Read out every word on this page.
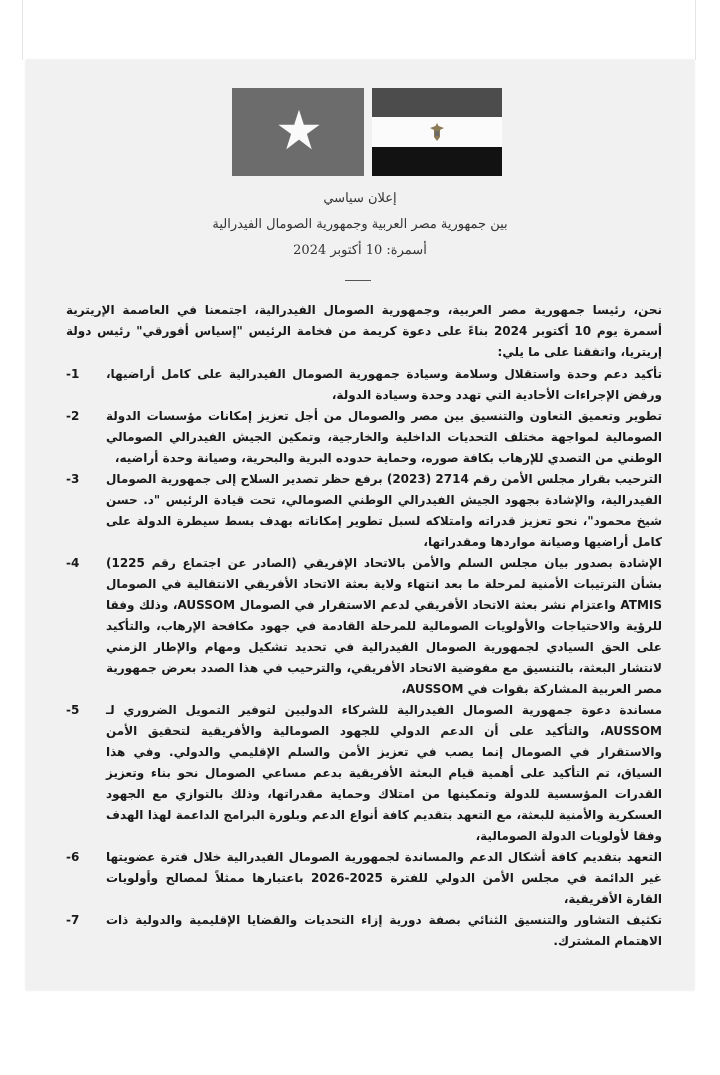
إعلان سياسي
بين جمهورية مصر العربية وجمهورية الصومال الفيدرالية
أسمرة: 10 أكتوبر 2024

نحن، رئيسا جمهورية مصر العربية، وجمهورية الصومال الفيدرالية، اجتمعنا في العاصمة الإريترية أسمرة يوم 10 أكتوبر 2024 بناءً على دعوة كريمة من فخامة الرئيس "إسياس أفورقي" رئيس دولة إريتريا، واتفقنا على ما يلي:

-1	تأكيد دعم وحدة واستقلال وسلامة وسيادة جمهورية الصومال الفيدرالية على كامل أراضيها، ورفض الإجراءات الأحادية التي تهدد وحدة وسيادة الدولة،
-2	تطوير وتعميق التعاون والتنسيق بين مصر والصومال من أجل تعزيز إمكانات مؤسسات الدولة الصومالية لمواجهة مختلف التحديات الداخلية والخارجية، وتمكين الجيش الفيدرالي الصومالي الوطني من التصدي للإرهاب بكافة صوره، وحماية حدوده البرية والبحرية، وصيانة وحدة أراضيه،
-3	الترحيب بقرار مجلس الأمن رقم 2714 (2023) برفع حظر تصدير السلاح إلى جمهورية الصومال الفيدرالية، والإشادة بجهود الجيش الفيدرالي الوطني الصومالي، تحت قيادة الرئيس "د. حسن شيخ محمود"، نحو تعزيز قدراته وامتلاكه لسبل تطوير إمكاناته بهدف بسط سيطرة الدولة على كامل أراضيها وصيانة مواردها ومقدراتها،
-4	الإشادة بصدور بيان مجلس السلم والأمن بالاتحاد الإفريقي (الصادر عن اجتماع رقم 1225) بشأن الترتيبات الأمنية لمرحلة ما بعد انتهاء ولاية بعثة الاتحاد الأفريقي الانتقالية في الصومال ATMIS واعتزام نشر بعثة الاتحاد الأفريقي لدعم الاستقرار في الصومال AUSSOM، وذلك وفقا للرؤية والاحتياجات والأولويات الصومالية للمرحلة القادمة في جهود مكافحة الإرهاب، والتأكيد على الحق السيادي لجمهورية الصومال الفيدرالية في تحديد تشكيل ومهام والإطار الزمني لانتشار البعثة، بالتنسيق مع مفوضية الاتحاد الأفريقي، والترحيب في هذا الصدد بعرض جمهورية مصر العربية المشاركة بقوات في AUSSOM،
-5	مساندة دعوة جمهورية الصومال الفيدرالية للشركاء الدوليين لتوفير التمويل الضروري لـ AUSSOM، والتأكيد على أن الدعم الدولي للجهود الصومالية والأفريقية لتحقيق الأمن والاستقرار في الصومال إنما يصب في تعزيز الأمن والسلم الإقليمي والدولي. وفي هذا السياق، تم التأكيد على أهمية قيام البعثة الأفريقية بدعم مساعي الصومال نحو بناء وتعزيز القدرات المؤسسية للدولة وتمكينها من امتلاك وحماية مقدراتها، وذلك بالتوازي مع الجهود العسكرية والأمنية للبعثة، مع التعهد بتقديم كافة أنواع الدعم وبلورة البرامج الداعمة لهذا الهدف وفقا لأولويات الدولة الصومالية،
-6	التعهد بتقديم كافة أشكال الدعم والمساندة لجمهورية الصومال الفيدرالية خلال فترة عضويتها غير الدائمة في مجلس الأمن الدولي للفترة 2025-2026 باعتبارها ممثلاً لمصالح وأولويات القارة الأفريقية،
-7	تكثيف التشاور والتنسيق الثنائي بصفة دورية إزاء التحديات والقضايا الإقليمية والدولية ذات الاهتمام المشترك.
